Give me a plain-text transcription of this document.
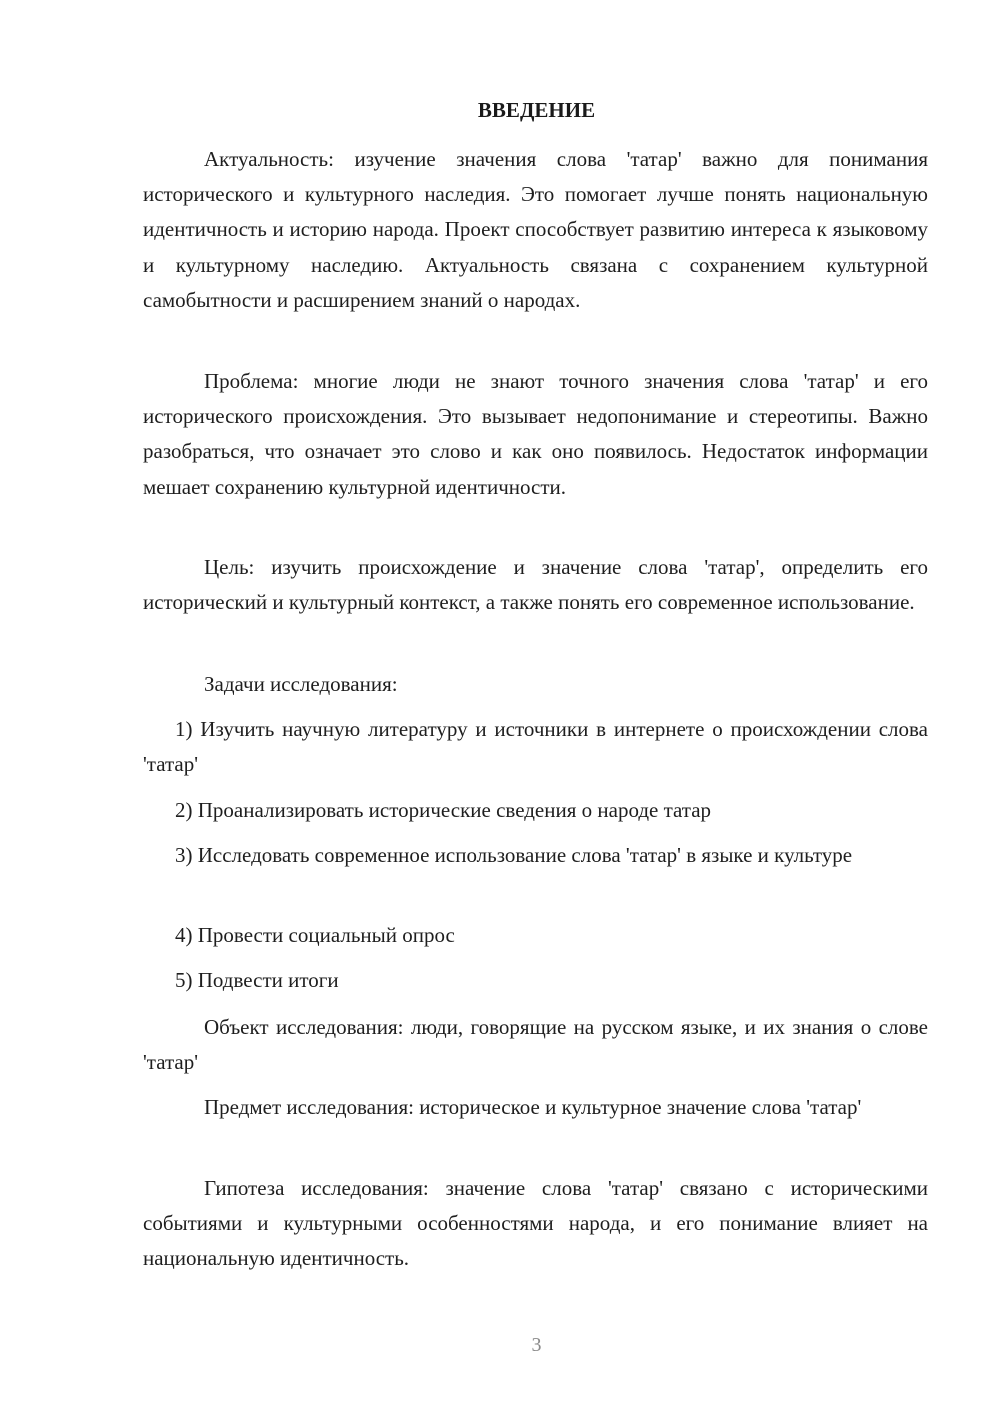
ВВЕДЕНИЕ

Актуальность: изучение значения слова 'татар' важно для понимания исторического и культурного наследия. Это помогает лучше понять национальную идентичность и историю народа. Проект способствует развитию интереса к языковому и культурному наследию. Актуальность связана с сохранением культурной самобытности и расширением знаний о народах.

Проблема: многие люди не знают точного значения слова 'татар' и его исторического происхождения. Это вызывает недопонимание и стереотипы. Важно разобраться, что означает это слово и как оно появилось. Недостаток информации мешает сохранению культурной идентичности.

Цель: изучить происхождение и значение слова 'татар', определить его исторический и культурный контекст, а также понять его современное использование.

Задачи исследования:

1) Изучить научную литературу и источники в интернете о происхождении слова 'татар'

2) Проанализировать исторические сведения о народе татар

3) Исследовать современное использование слова 'татар' в языке и культуре

4) Провести социальный опрос

5) Подвести итоги

Объект исследования: люди, говорящие на русском языке, и их знания о слове 'татар'

Предмет исследования: историческое и культурное значение слова 'татар'

Гипотеза исследования: значение слова 'татар' связано с историческими событиями и культурными особенностями народа, и его понимание влияет на национальную идентичность.

3
